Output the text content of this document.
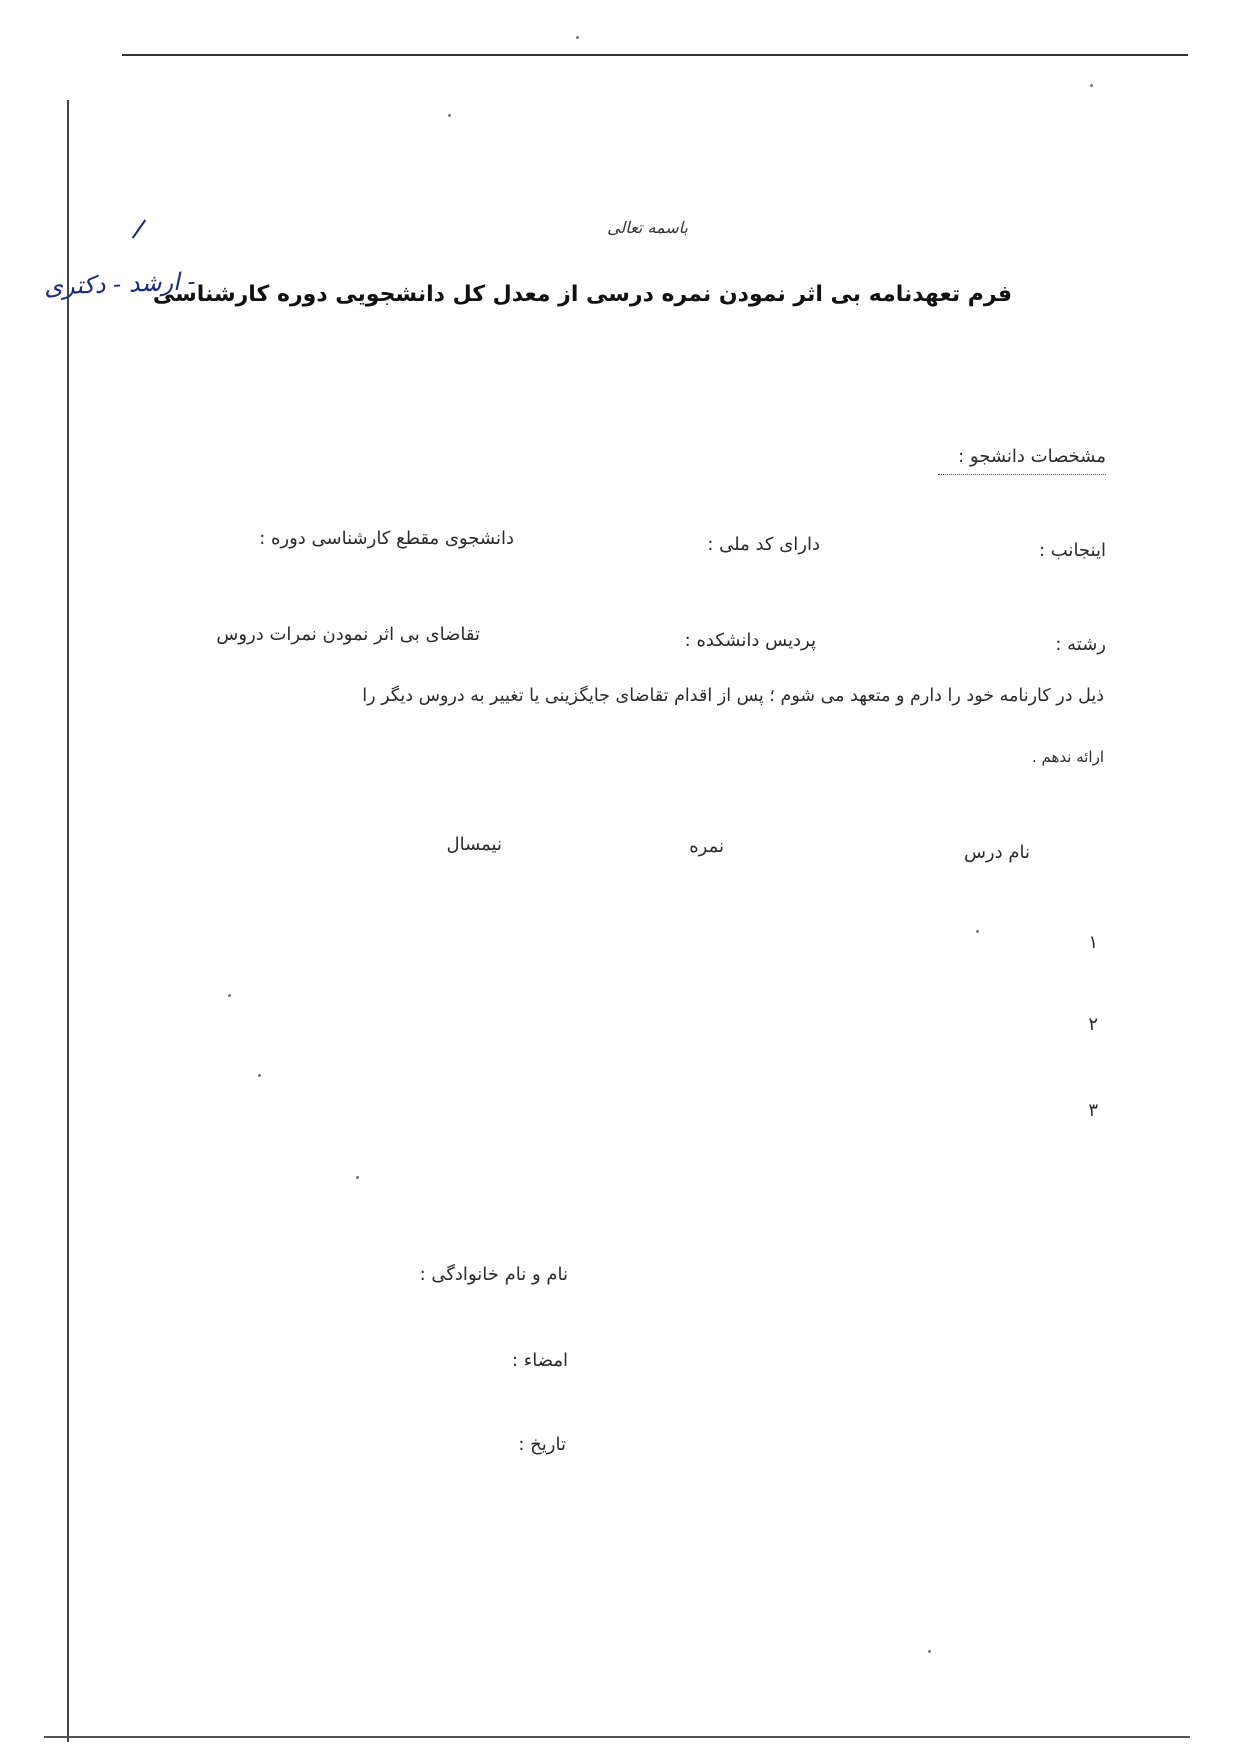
باسمه تعالی
فرم تعهدنامه بی اثر نمودن نمره درسی از معدل کل دانشجویی دوره کارشناسی
- ارشد - دکتری
مشخصات دانشجو :
اینجانب :
دارای کد ملی :
دانشجوی مقطع کارشناسی دوره :
رشته :
پردیس دانشکده :
تقاضای بی اثر نمودن نمرات دروس
ذیل در کارنامه خود را دارم و متعهد می شوم ؛ پس از اقدام تقاضای جایگزینی یا تغییر به دروس دیگر را
ارائه ندهم .
نام درس
نمره
نیمسال
۱
۲
۳
نام و نام خانوادگی :
امضاء :
تاریخ :
